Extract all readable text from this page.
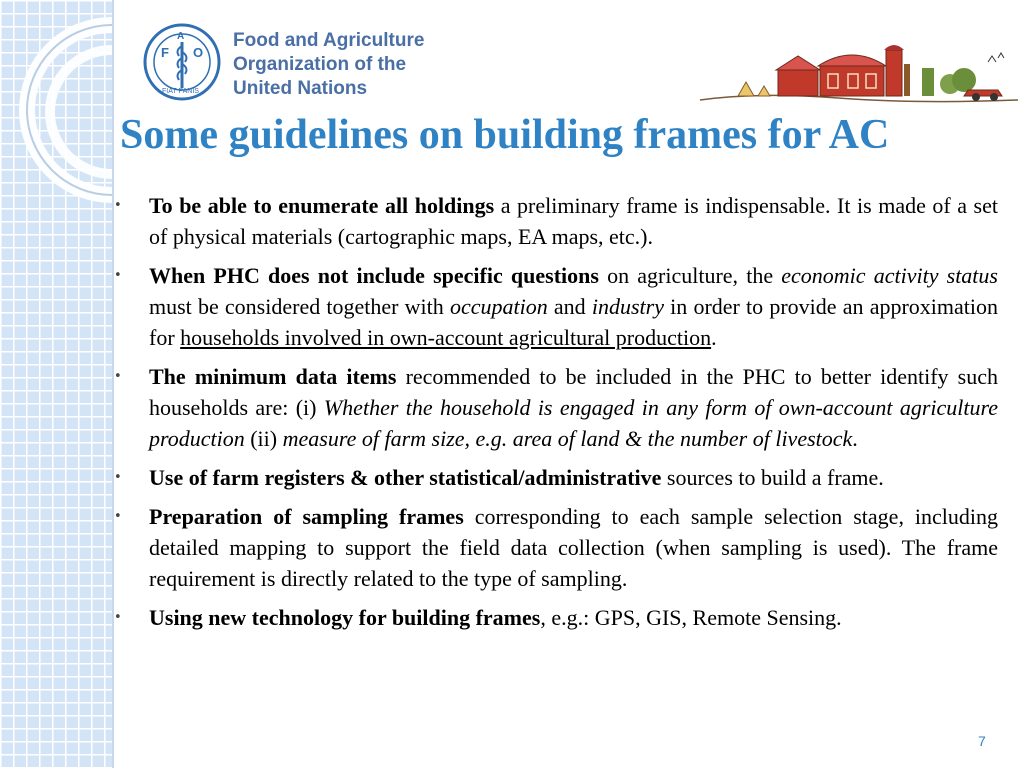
F
A
O
FIAT PANIS
Food and Agriculture
Organization of the
United Nations
Some guidelines on building frames for AC
• To be able to enumerate all holdings a preliminary frame is indispensable. It is made of a set of physical materials (cartographic maps, EA maps, etc.).
• When PHC does not include specific questions on agriculture, the economic activity status must be considered together with occupation and industry in order to provide an approximation for households involved in own-account agricultural production.
• The minimum data items recommended to be included in the PHC to better identify such households are: (i) Whether the household is engaged in any form of own-account agriculture production (ii) measure of farm size, e.g. area of land & the number of livestock.
• Use of farm registers & other statistical/administrative sources to build a frame.
• Preparation of sampling frames corresponding to each sample selection stage, including detailed mapping to support the field data collection (when sampling is used). The frame requirement is directly related to the type of sampling.
• Using new technology for building frames, e.g.: GPS, GIS, Remote Sensing.
7
